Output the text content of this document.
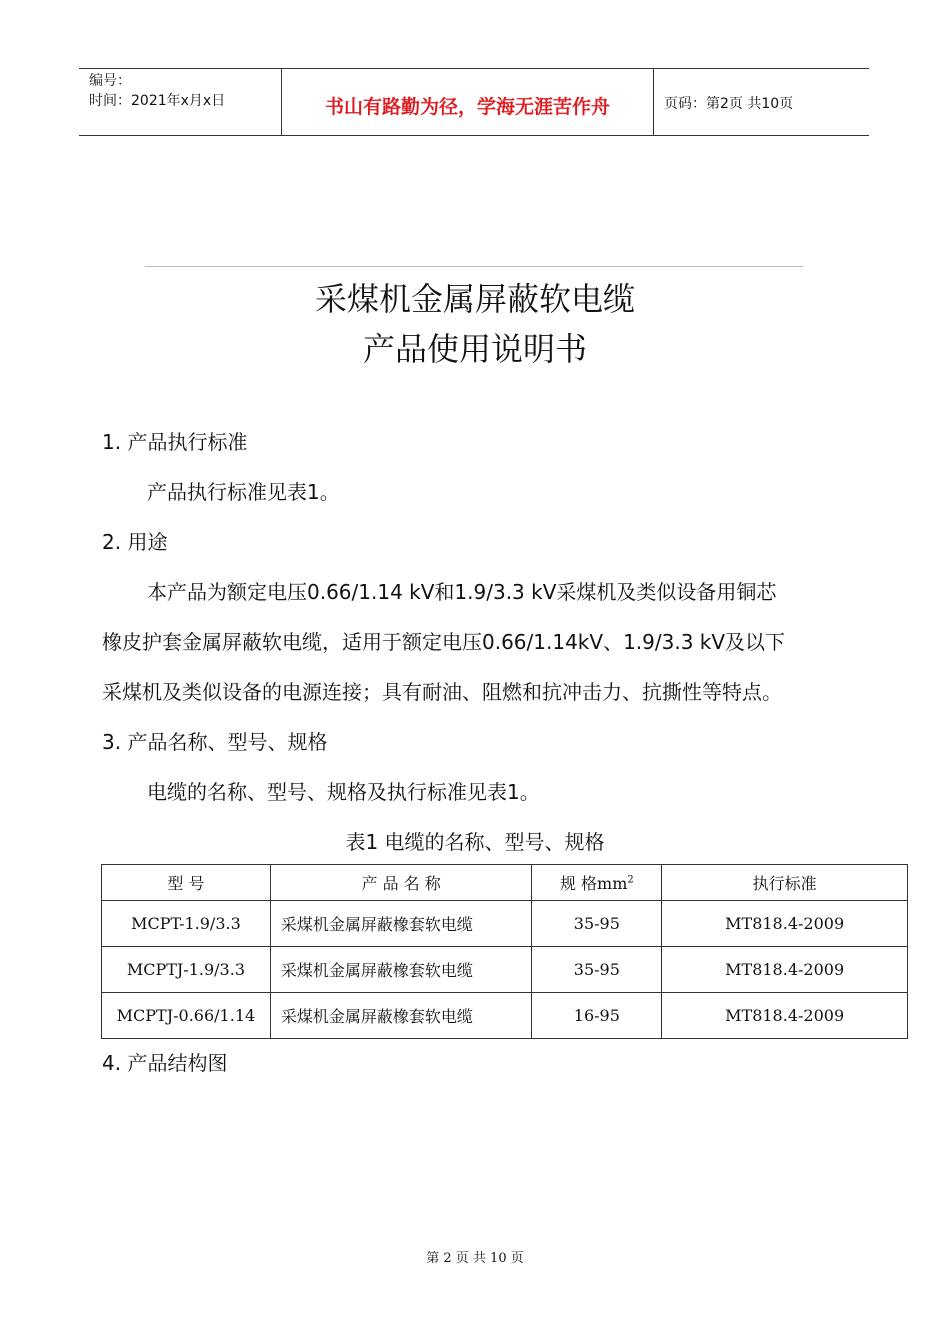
编号：
时间：2021年x月x日	书山有路勤为径，学海无涯苦作舟	页码：第2页 共10页
采煤机金属屏蔽软电缆
产品使用说明书
1. 产品执行标准
产品执行标准见表1。
2. 用途
本产品为额定电压0.66/1.14 kV和1.9/3.3 kV采煤机及类似设备用铜芯
橡皮护套金属屏蔽软电缆，适用于额定电压0.66/1.14kV、1.9/3.3 kV及以下
采煤机及类似设备的电源连接；具有耐油、阻燃和抗冲击力、抗撕性等特点。
3. 产品名称、型号、规格
电缆的名称、型号、规格及执行标准见表1。
表1 电缆的名称、型号、规格
型 号	产 品 名 称	规 格$mm^2$	执行标准
MCPT-1.9/3.3	采煤机金属屏蔽橡套软电缆	35-95	MT818.4-2009
MCPTJ-1.9/3.3	采煤机金属屏蔽橡套软电缆	35-95	MT818.4-2009
MCPTJ-0.66/1.14	采煤机金属屏蔽橡套软电缆	16-95	MT818.4-2009
4. 产品结构图
第 2 页 共 10 页
